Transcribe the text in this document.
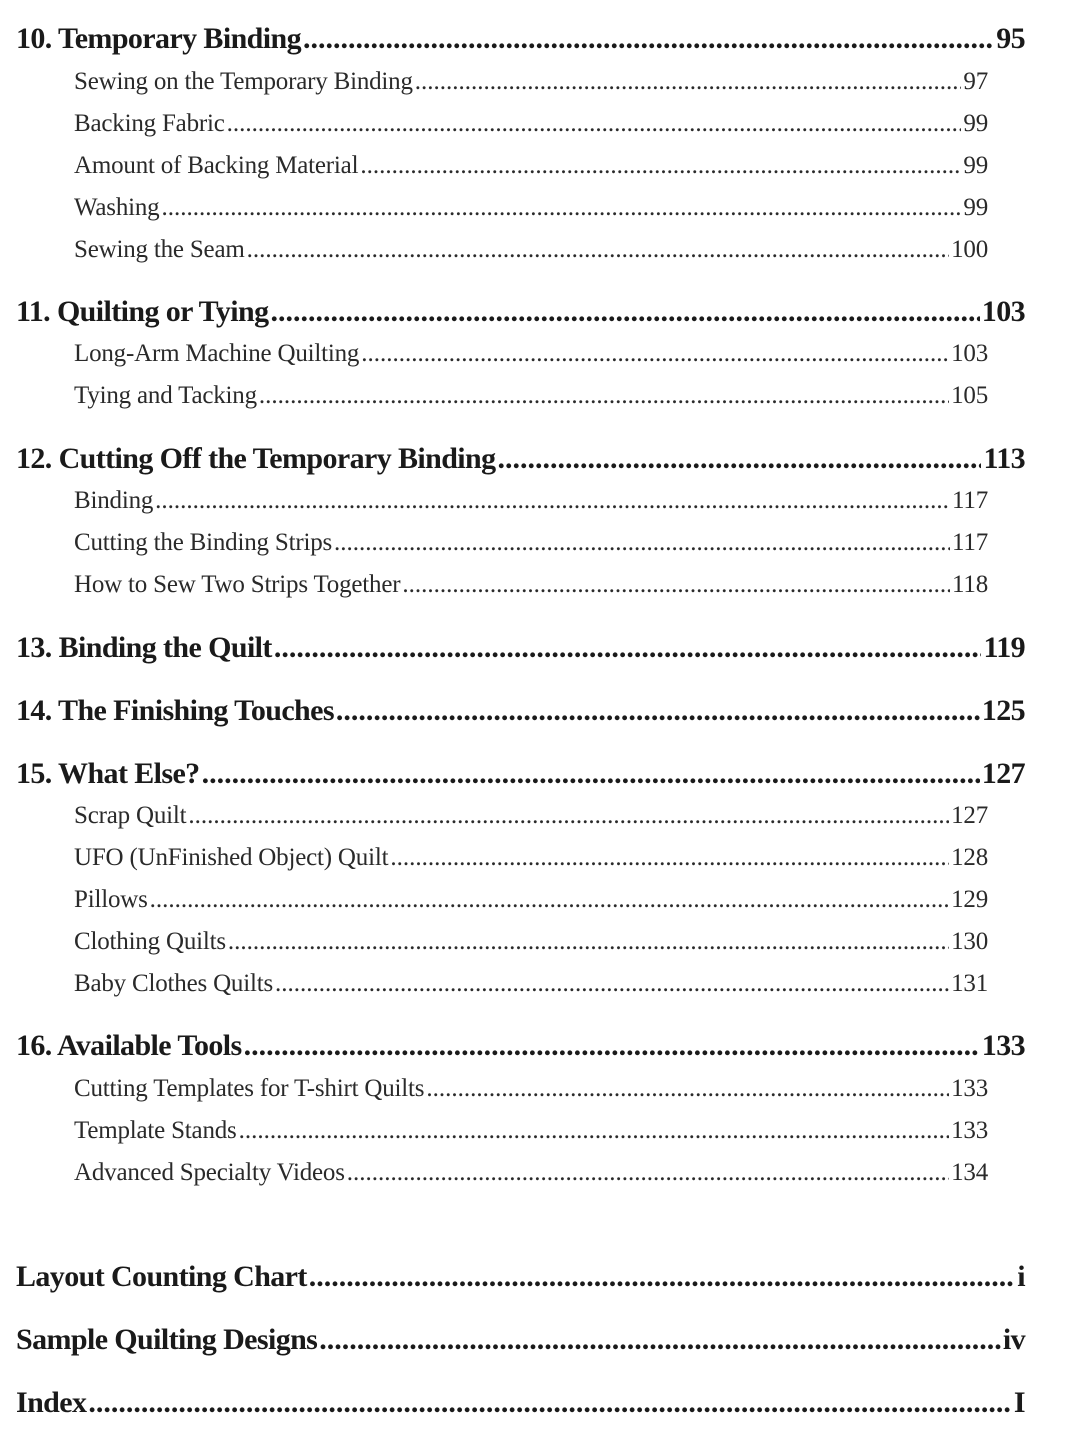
10. Temporary Binding .....	95
Sewing on the Temporary Binding .....	97
Backing Fabric .....	99
Amount of Backing Material .....	99
Washing .....	99
Sewing the Seam .....	100
11. Quilting or Tying .....	103
Long-Arm Machine Quilting .....	103
Tying and Tacking .....	105
12. Cutting Off the Temporary Binding .....	113
Binding .....	117
Cutting the Binding Strips .....	117
How to Sew Two Strips Together .....	118
13. Binding the Quilt .....	119
14. The Finishing Touches .....	125
15. What Else? .....	127
Scrap Quilt .....	127
UFO (UnFinished Object) Quilt .....	128
Pillows .....	129
Clothing Quilts .....	130
Baby Clothes Quilts .....	131
16. Available Tools .....	133
Cutting Templates for T-shirt Quilts .....	133
Template Stands .....	133
Advanced Specialty Videos .....	134
Layout Counting Chart .....	i
Sample Quilting Designs .....	iv
Index .....	I
